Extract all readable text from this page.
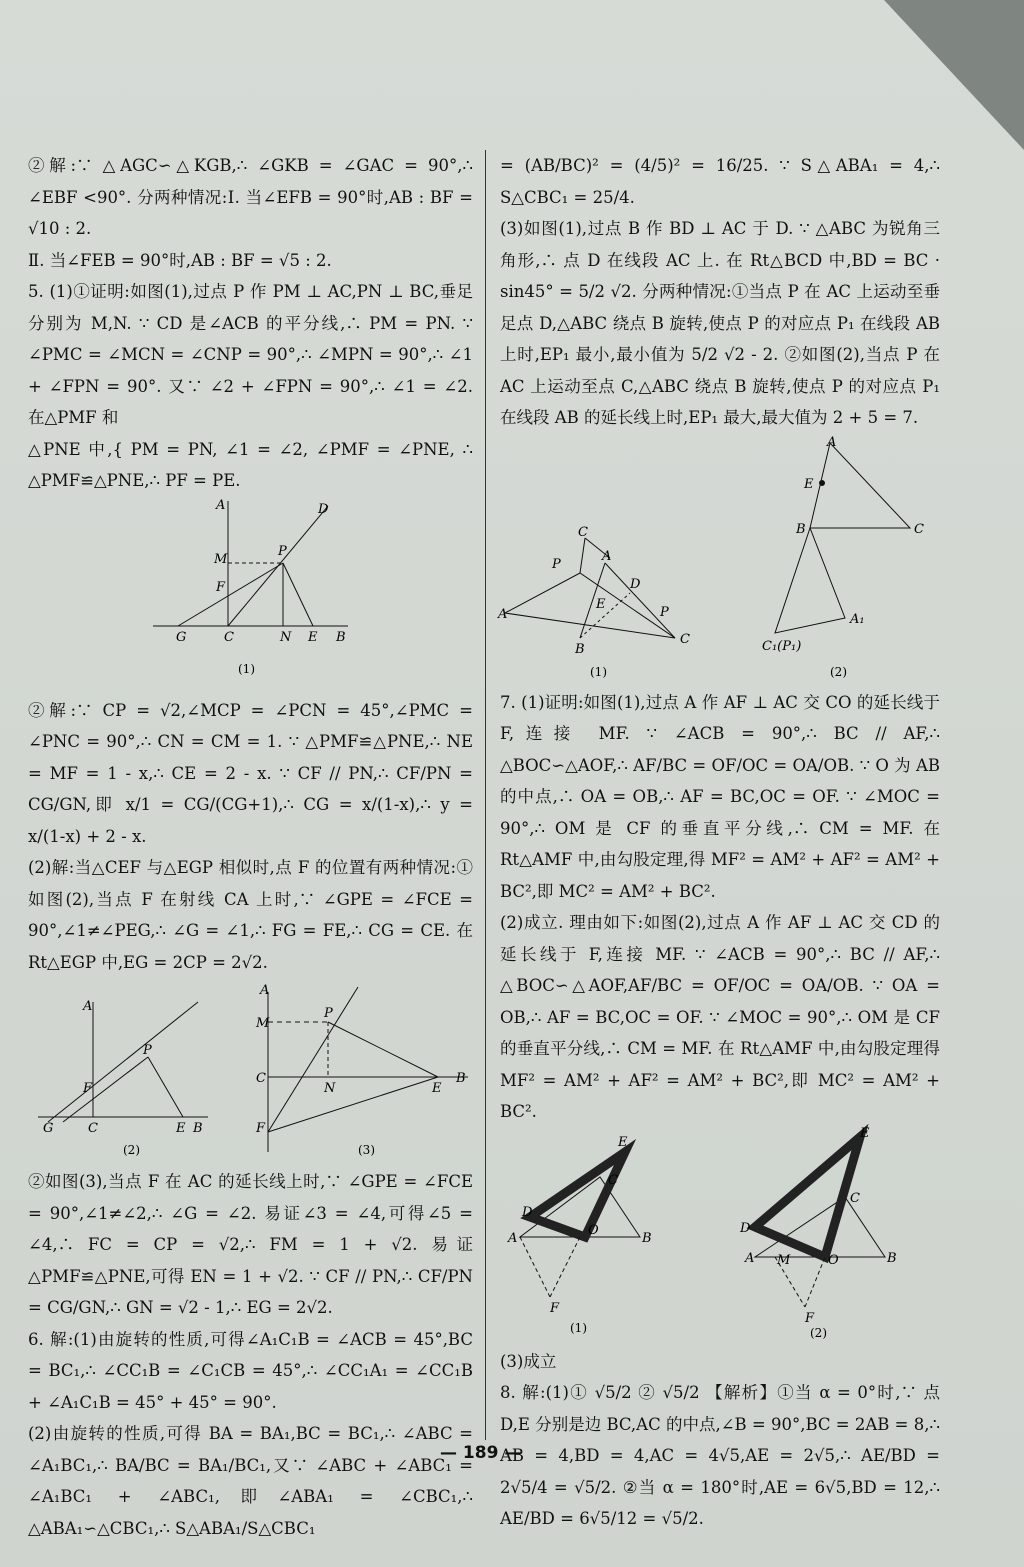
②解:∵ △AGC∽△KGB,∴ ∠GKB = ∠GAC = 90°,∴ ∠EBF <90°. 分两种情况:Ⅰ. 当∠EFB = 90°时,AB : BF = √10 : 2.

Ⅱ. 当∠FEB = 90°时,AB : BF = √5 : 2.

5. (1)①证明:如图(1),过点 P 作 PM ⊥ AC,PN ⊥ BC,垂足分别为 M,N. ∵ CD 是∠ACB 的平分线,∴ PM = PN. ∵ ∠PMC = ∠MCN = ∠CNP = 90°,∴ ∠MPN = 90°,∴ ∠1 + ∠FPN = 90°. 又∵ ∠2 + ∠FPN = 90°,∴ ∠1 = ∠2. 在△PMF 和

△PNE 中,{ PM = PN, ∠1 = ∠2, ∠PMF = ∠PNE, ∴ △PMF≌△PNE,∴ PF = PE.

A	D
M
P
F
G	C	N E B
(1)

②解:∵ CP = √2,∠MCP = ∠PCN = 45°,∠PMC = ∠PNC = 90°,∴ CN = CM = 1. ∵ △PMF≌△PNE,∴ NE = MF = 1 - x,∴ CE = 2 - x. ∵ CF // PN,∴ CF/PN = CG/GN,即 x/1 = CG/(CG+1),∴ CG = x/(1-x),∴ y = x/(1-x) + 2 - x.

(2)解:当△CEF 与△EGP 相似时,点 F 的位置有两种情况:①如图(2),当点 F 在射线 CA 上时,∵ ∠GPE = ∠FCE = 90°,∠1≠∠PEG,∴ ∠G = ∠1,∴ FG = FE,∴ CG = CE. 在 Rt△EGP 中,EG = 2CP = 2√2.

A
P
F
G	C	E B
(2)
A
M
P
C
N	E
B
F
(3)

②如图(3),当点 F 在 AC 的延长线上时,∵ ∠GPE = ∠FCE = 90°,∠1≠∠2,∴ ∠G = ∠2. 易证∠3 = ∠4,可得∠5 = ∠4,∴ FC = CP = √2,∴ FM = 1 + √2. 易证△PMF≌△PNE,可得 EN = 1 + √2. ∵ CF // PN,∴ CF/PN = CG/GN,∴ GN = √2 - 1,∴ EG = 2√2.

6. 解:(1)由旋转的性质,可得∠A₁C₁B = ∠ACB = 45°,BC = BC₁,∴ ∠CC₁B = ∠C₁CB = 45°,∴ ∠CC₁A₁ = ∠CC₁B + ∠A₁C₁B = 45° + 45° = 90°.

(2)由旋转的性质,可得 BA = BA₁,BC = BC₁,∴ ∠ABC = ∠A₁BC₁,∴ BA/BC = BA₁/BC₁,又∵ ∠ABC + ∠ABC₁ = ∠A₁BC₁ + ∠ABC₁,即∠ABA₁ = ∠CBC₁,∴ △ABA₁∽△CBC₁,∴ S△ABA₁/S△CBC₁

= (AB/BC)² = (4/5)² = 16/25. ∵ S△ABA₁ = 4,∴ S△CBC₁ = 25/4.

(3)如图(1),过点 B 作 BD ⊥ AC 于 D. ∵ △ABC 为锐角三角形,∴ 点 D 在线段 AC 上. 在 Rt△BCD 中,BD = BC · sin45° = 5/2 √2. 分两种情况:①当点 P 在 AC 上运动至垂足点 D,△ABC 绕点 B 旋转,使点 P 的对应点 P₁ 在线段 AB 上时,EP₁ 最小,最小值为 5/2 √2 - 2. ②如图(2),当点 P 在 AC 上运动至点 C,△ABC 绕点 B 旋转,使点 P 的对应点 P₁ 在线段 AB 的延长线上时,EP₁ 最大,最大值为 2 + 5 = 7.

A
P
C
A
D
E
B
P
C
(1)
A
E
B	C
A₁
C₁(P₁)
(2)

7. (1)证明:如图(1),过点 A 作 AF ⊥ AC 交 CO 的延长线于 F,连接 MF. ∵ ∠ACB = 90°,∴ BC // AF,∴ △BOC∽△AOF,∴ AF/BC = OF/OC = OA/OB. ∵ O 为 AB 的中点,∴ OA = OB,∴ AF = BC,OC = OF. ∵ ∠MOC = 90°,∴ OM 是 CF 的垂直平分线,∴ CM = MF. 在 Rt△AMF 中,由勾股定理,得 MF² = AM² + AF² = AM² + BC²,即 MC² = AM² + BC².

(2)成立. 理由如下:如图(2),过点 A 作 AF ⊥ AC 交 CD 的延长线于 F,连接 MF. ∵ ∠ACB = 90°,∴ BC // AF,∴ △BOC∽△AOF,AF/BC = OF/OC = OA/OB. ∵ OA = OB,∴ AF = BC,OC = OF. ∵ ∠MOC = 90°,∴ OM 是 CF 的垂直平分线,∴ CM = MF. 在 Rt△AMF 中,由勾股定理得 MF² = AM² + AF² = AM² + BC²,即 MC² = AM² + BC².

A
D
E
C
O
B
F
(1)
D
E
C
A M	O	B
F
(2)

(3)成立

8. 解:(1)① √5/2 ② √5/2 【解析】①当 α = 0°时,∵ 点 D,E 分别是边 BC,AC 的中点,∠B = 90°,BC = 2AB = 8,∴ AB = 4,BD = 4,AC = 4√5,AE = 2√5,∴ AE/BD = 2√5/4 = √5/2. ②当 α = 180°时,AE = 6√5,BD = 12,∴ AE/BD = 6√5/12 = √5/2.

— 189 —
